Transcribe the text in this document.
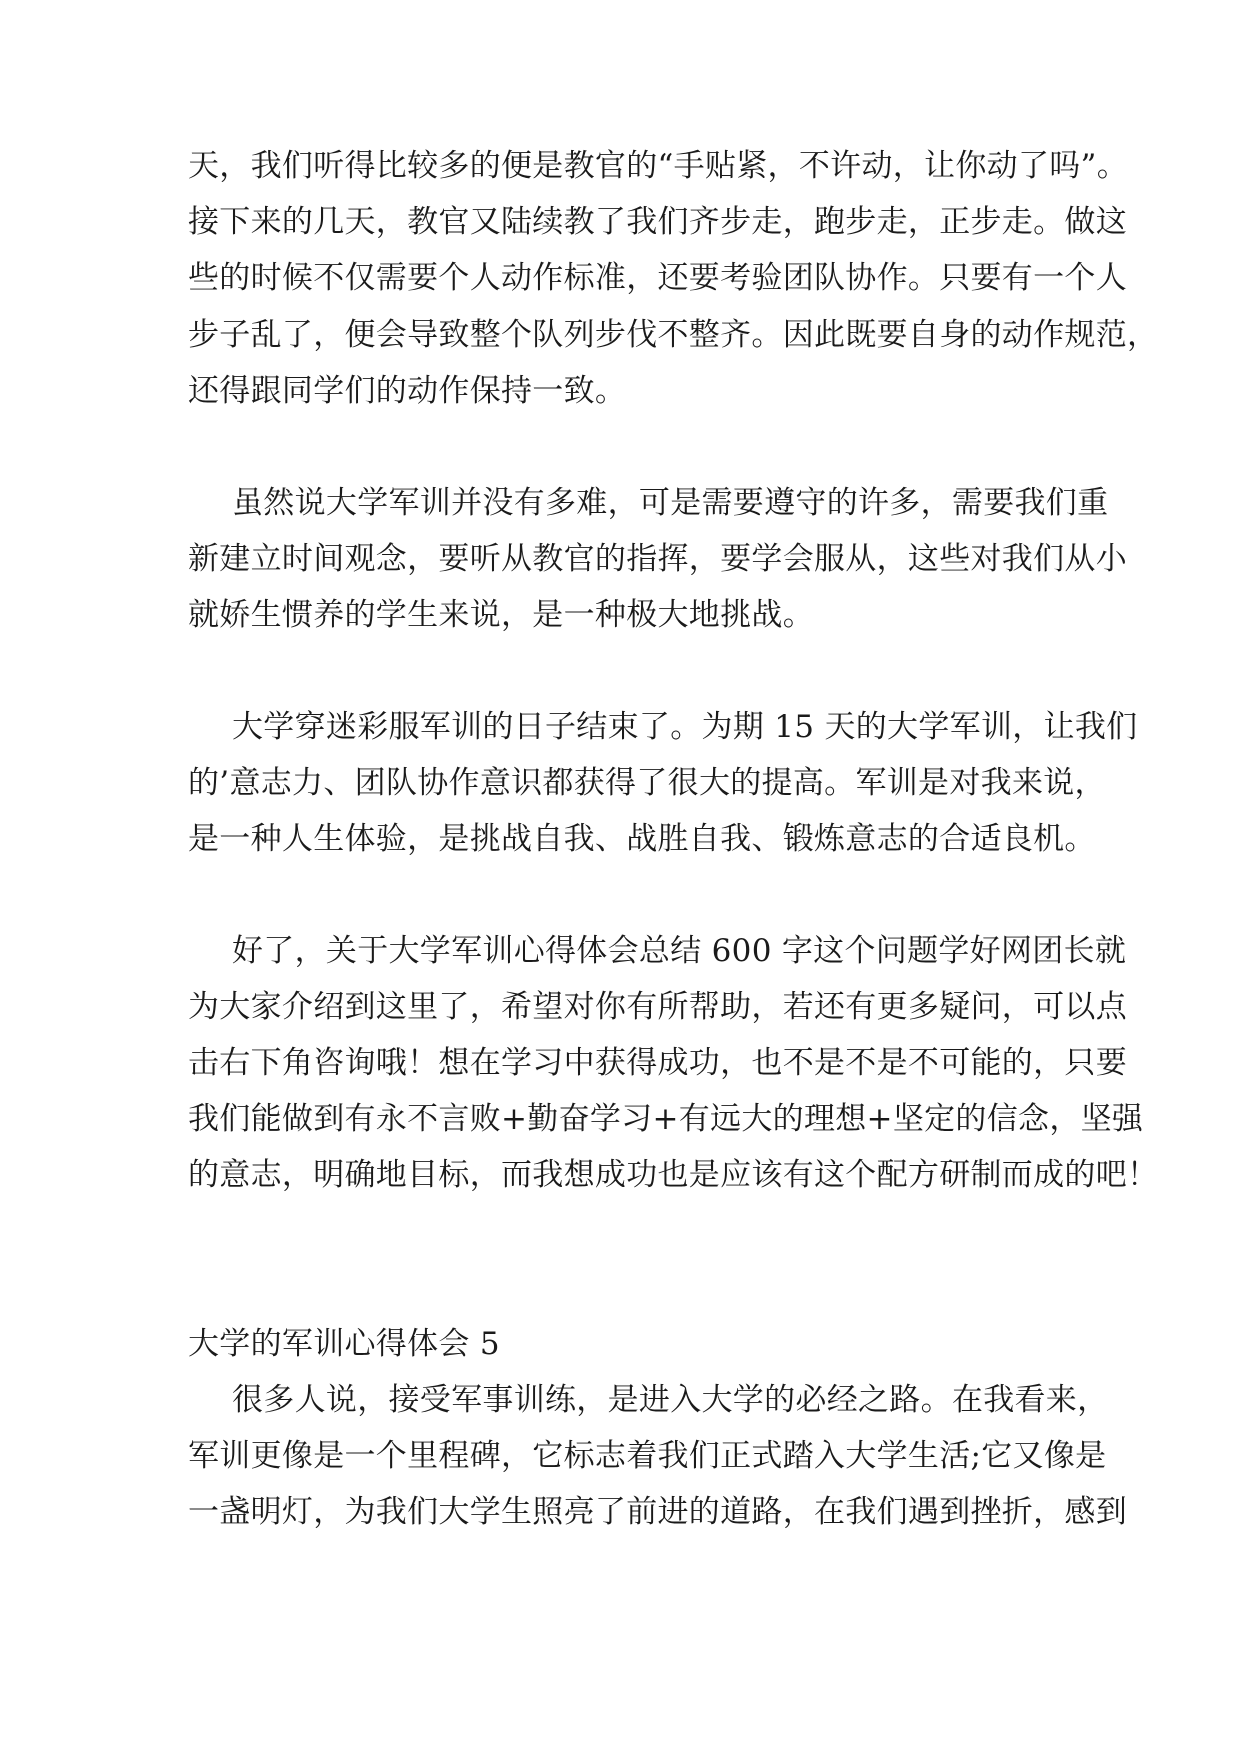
天，我们听得比较多的便是教官的“手贴紧，不许动，让你动了吗”。

接下来的几天，教官又陆续教了我们齐步走，跑步走，正步走。做这

些的时候不仅需要个人动作标准，还要考验团队协作。只要有一个人

步子乱了，便会导致整个队列步伐不整齐。因此既要自身的动作规范，

还得跟同学们的动作保持一致。

虽然说大学军训并没有多难，可是需要遵守的许多，需要我们重

新建立时间观念，要听从教官的指挥，要学会服从，这些对我们从小

就娇生惯养的学生来说，是一种极大地挑战。

大学穿迷彩服军训的日子结束了。为期 15 天的大学军训，让我们

的’意志力、团队协作意识都获得了很大的提高。军训是对我来说，

是一种人生体验，是挑战自我、战胜自我、锻炼意志的合适良机。

好了，关于大学军训心得体会总结 600 字这个问题学好网团长就

为大家介绍到这里了，希望对你有所帮助，若还有更多疑问，可以点

击右下角咨询哦！想在学习中获得成功，也不是不是不可能的，只要

我们能做到有永不言败+勤奋学习+有远大的理想+坚定的信念，坚强

的意志，明确地目标，而我想成功也是应该有这个配方研制而成的吧！

大学的军训心得体会 5

很多人说，接受军事训练，是进入大学的必经之路。在我看来，

军训更像是一个里程碑，它标志着我们正式踏入大学生活;它又像是

一盏明灯，为我们大学生照亮了前进的道路，在我们遇到挫折，感到
